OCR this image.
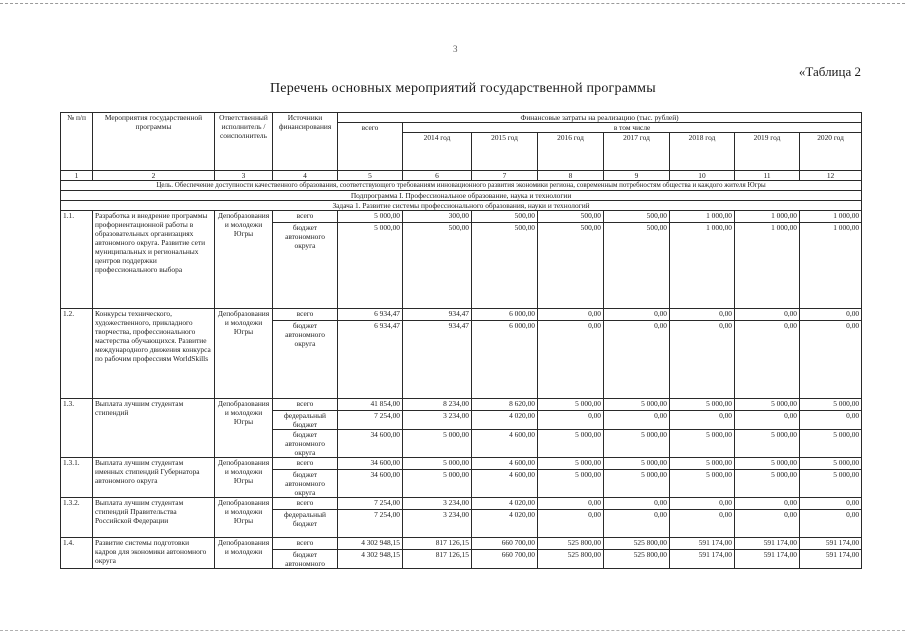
3
«Таблица 2
Перечень основных мероприятий государственной программы
№ п/п	Мероприятия государственной программы	Ответственный исполнитель / соисполнитель	Источники финансирования	Финансовые затраты на реализацию (тыс. рублей)							
				всего	в том числе						
					2014 год	2015 год	2016 год	2017 год	2018 год	2019 год	2020 год
1	2	3	4	5	6	7	8	9	10	11	12
Цель. Обеспечение доступности качественного образования, соответствующего требованиям инновационного развития экономики региона, современным потребностям общества и каждого жителя Югры											
Подпрограмма I. Профессиональное образование, наука и технологии											
Задача 1. Развитие системы профессионального образования, науки и технологий											
1.1.	Разработка и внедрение программы профориентационной работы в образовательных организациях автономного округа. Развитие сети муниципальных и региональных центров поддержки профессионального выбора	Депобразования и молодежи Югры	всего	5 000,00	300,00	500,00	500,00	500,00	1 000,00	1 000,00	1 000,00
			бюджет автономного округа	5 000,00	500,00	500,00	500,00	500,00	1 000,00	1 000,00	1 000,00
1.2.	Конкурсы технического, художественного, прикладного творчества, профессионального мастерства обучающихся. Развитие международного движения конкурса по рабочим профессиям WorldSkills	Депобразования и молодежи Югры	всего	6 934,47	934,47	6 000,00	0,00	0,00	0,00	0,00	0,00
			бюджет автономного округа	6 934,47	934,47	6 000,00	0,00	0,00	0,00	0,00	0,00
1.3.	Выплата лучшим студентам стипендий	Депобразования и молодежи Югры	всего	41 854,00	8 234,00	8 620,00	5 000,00	5 000,00	5 000,00	5 000,00	5 000,00
			федеральный бюджет	7 254,00	3 234,00	4 020,00	0,00	0,00	0,00	0,00	0,00
			бюджет автономного округа	34 600,00	5 000,00	4 600,00	5 000,00	5 000,00	5 000,00	5 000,00	5 000,00
1.3.1.	Выплата лучшим студентам именных стипендий Губернатора автономного округа	Депобразования и молодежи Югры	всего	34 600,00	5 000,00	4 600,00	5 000,00	5 000,00	5 000,00	5 000,00	5 000,00
			бюджет автономного округа	34 600,00	5 000,00	4 600,00	5 000,00	5 000,00	5 000,00	5 000,00	5 000,00
1.3.2.	Выплата лучшим студентам стипендий Правительства Российской Федерации	Депобразования и молодежи Югры	всего	7 254,00	3 234,00	4 020,00	0,00	0,00	0,00	0,00	0,00
			федеральный бюджет	7 254,00	3 234,00	4 020,00	0,00	0,00	0,00	0,00	0,00
1.4.	Развитие системы подготовки кадров для экономики автономного округа	Депобразования и молодежи	всего	4 302 948,15	817 126,15	660 700,00	525 800,00	525 800,00	591 174,00	591 174,00	591 174,00
			бюджет автономного	4 302 948,15	817 126,15	660 700,00	525 800,00	525 800,00	591 174,00	591 174,00	591 174,00
